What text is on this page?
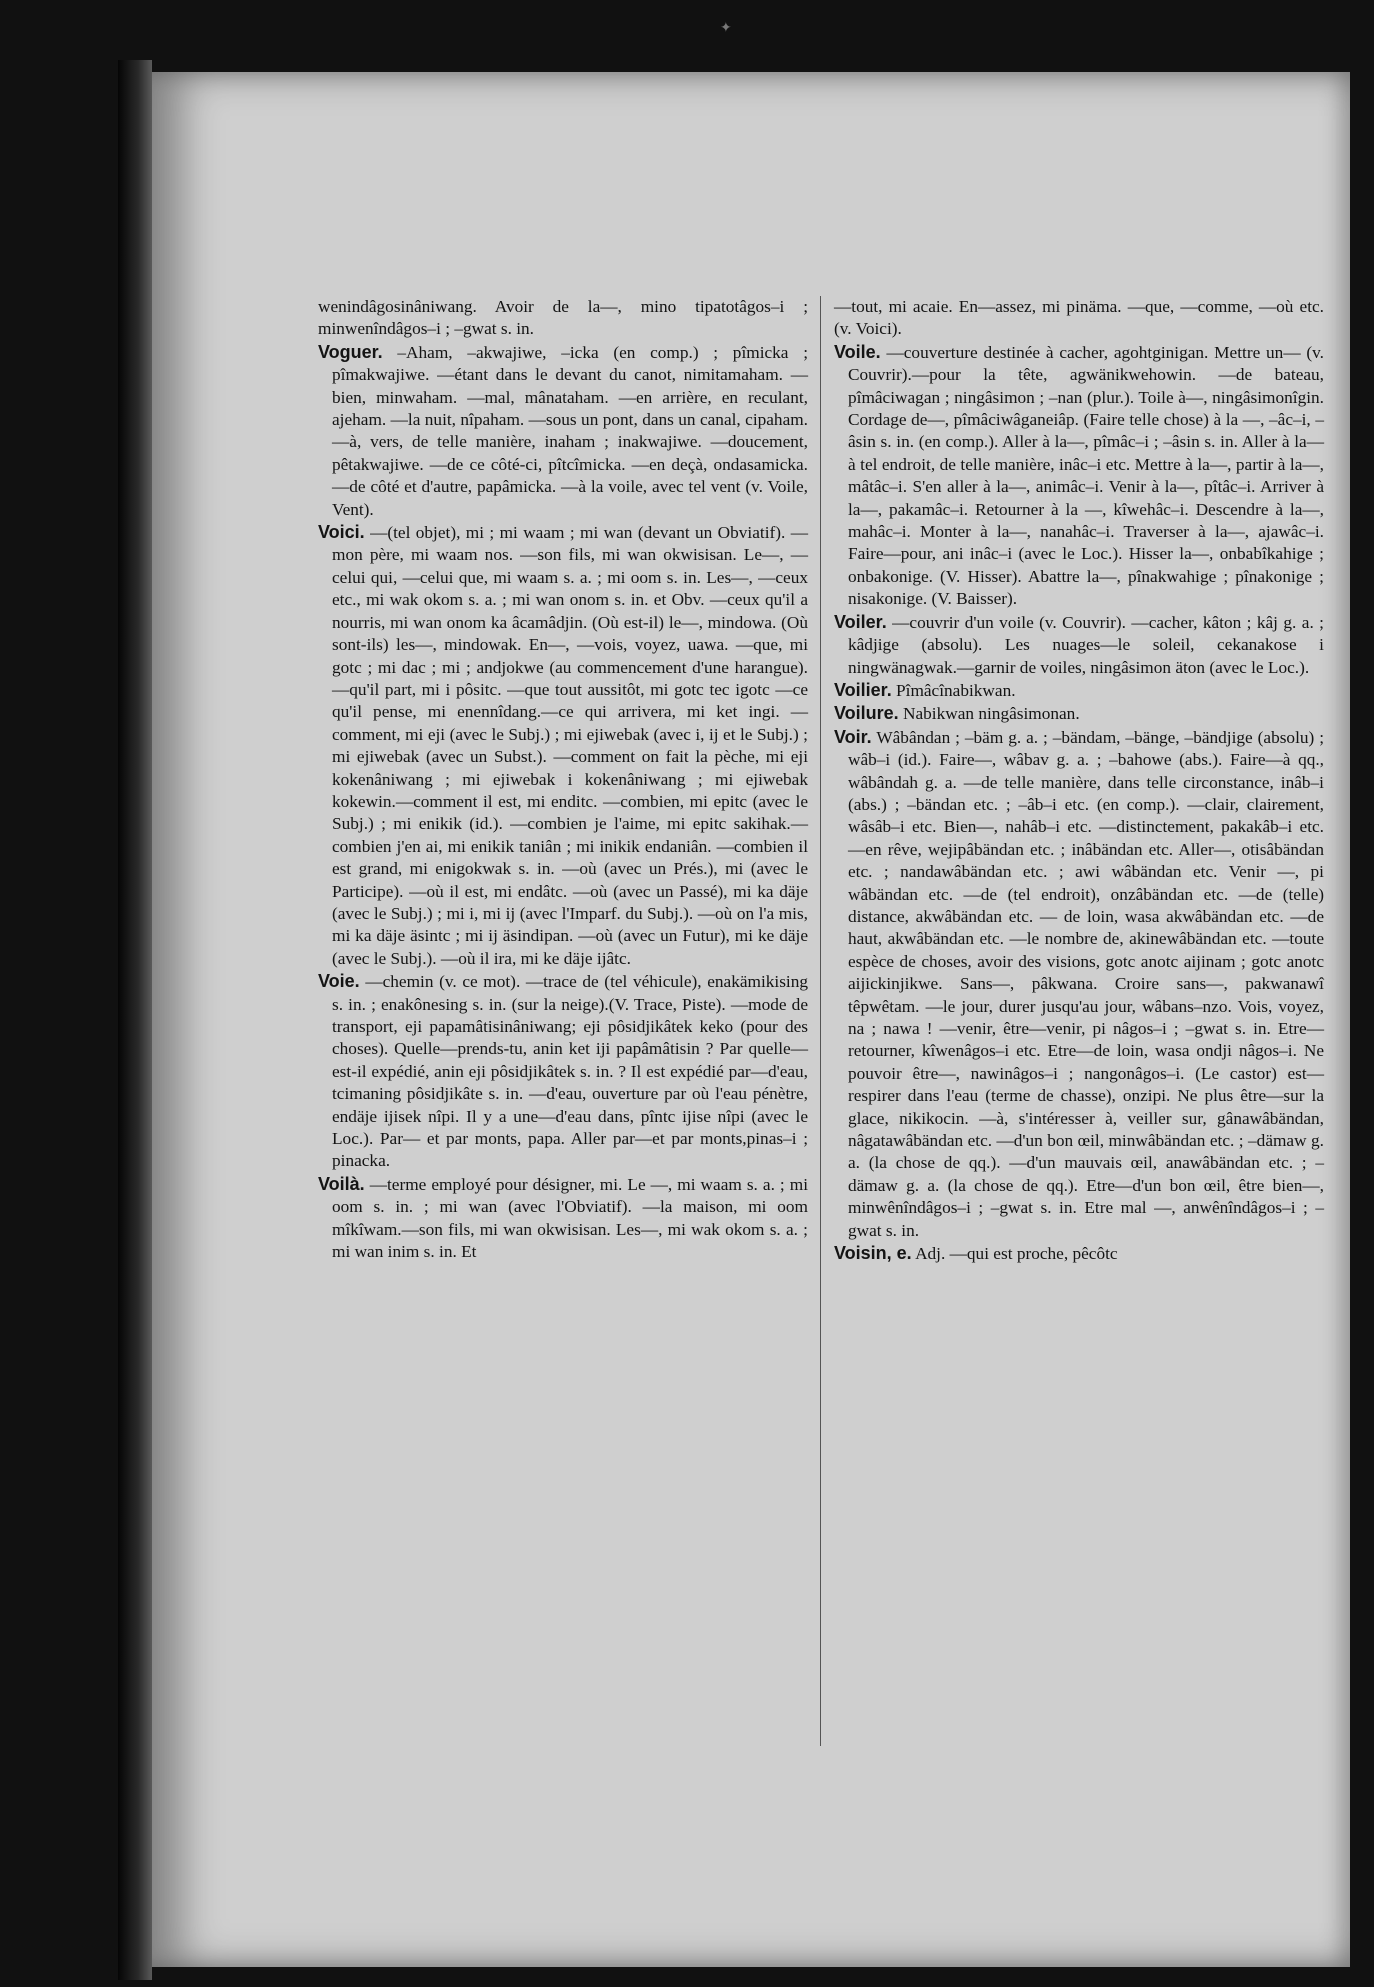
✦

wenindâgosinâniwang. Avoir de la—, mino tipatotâgos–i ; minwenîndâgos–i ; –gwat s. in.

Voguer. –Aham, –akwajiwe, –icka (en comp.) ; pîmicka ; pîmakwajiwe. —étant dans le devant du canot, nimitamaham. —bien, minwaham. —mal, mânataham. —en arrière, en reculant, ajeham. —la nuit, nîpaham. —sous un pont, dans un canal, cipaham. —à, vers, de telle manière, inaham ; inakwajiwe. —doucement, pêtakwajiwe. —de ce côté-ci, pîtcîmicka. —en deçà, ondasamicka. —de côté et d'autre, papâmicka. —à la voile, avec tel vent (v. Voile, Vent).

Voici. —(tel objet), mi ; mi waam ; mi wan (devant un Obviatif). —mon père, mi waam nos. —son fils, mi wan okwisisan. Le—, —celui qui, —celui que, mi waam s. a. ; mi oom s. in. Les—, —ceux etc., mi wak okom s. a. ; mi wan onom s. in. et Obv. —ceux qu'il a nourris, mi wan onom ka âcamâdjin. (Où est-il) le—, mindowa. (Où sont-ils) les—, mindowak. En—, —vois, voyez, uawa. —que, mi gotc ; mi dac ; mi ; andjokwe (au commencement d'une harangue).—qu'il part, mi i pôsitc. —que tout aussitôt, mi gotc tec igotc —ce qu'il pense, mi enennîdang.—ce qui arrivera, mi ket ingi. —comment, mi eji (avec le Subj.) ; mi ejiwebak (avec i, ij et le Subj.) ; mi ejiwebak (avec un Subst.). —comment on fait la pèche, mi eji kokenâniwang ; mi ejiwebak i kokenâniwang ; mi ejiwebak kokewin.—comment il est, mi enditc. —combien, mi epitc (avec le Subj.) ; mi enikik (id.). —combien je l'aime, mi epitc sakihak.—combien j'en ai, mi enikik taniân ; mi inikik endaniân. —combien il est grand, mi enigokwak s. in. —où (avec un Prés.), mi (avec le Participe). —où il est, mi endâtc. —où (avec un Passé), mi ka däje (avec le Subj.) ; mi i, mi ij (avec l'Imparf. du Subj.). —où on l'a mis, mi ka däje äsintc ; mi ij äsindipan. —où (avec un Futur), mi ke däje (avec le Subj.). —où il ira, mi ke däje ijâtc.

Voie. —chemin (v. ce mot). —trace de (tel véhicule), enakämikising s. in. ; enakônesing s. in. (sur la neige).(V. Trace, Piste). —mode de transport, eji papamâtisinâniwang; eji pôsidjikâtek keko (pour des choses). Quelle—prends-tu, anin ket iji papâmâtisin ? Par quelle—est-il expédié, anin eji pôsidjikâtek s. in. ? Il est expédié par—d'eau, tcimaning pôsidjikâte s. in. —d'eau, ouverture par où l'eau pénètre, endäje ijisek nîpi. Il y a une—d'eau dans, pîntc ijise nîpi (avec le Loc.). Par— et par monts, papa. Aller par—et par monts,pinas–i ; pinacka.

Voilà. —terme employé pour désigner, mi. Le —, mi waam s. a. ; mi oom s. in. ; mi wan (avec l'Obviatif). —la maison, mi oom mîkîwam.—son fils, mi wan okwisisan. Les—, mi wak okom s. a. ; mi wan inim s. in. Et

—tout, mi acaie. En—assez, mi pinäma. —que, —comme, —où etc. (v. Voici).

Voile. —couverture destinée à cacher, agohtginigan. Mettre un— (v. Couvrir).—pour la tête, agwänikwehowin. —de bateau, pîmâciwagan ; ningâsimon ; –nan (plur.). Toile à—, ningâsimonîgin. Cordage de—, pîmâciwâganeiâp. (Faire telle chose) à la —, –âc–i, –âsin s. in. (en comp.). Aller à la—, pîmâc–i ; –âsin s. in. Aller à la—à tel endroit, de telle manière, inâc–i etc. Mettre à la—, partir à la—, mâtâc–i. S'en aller à la—, animâc–i. Venir à la—, pîtâc–i. Arriver à la—, pakamâc–i. Retourner à la —, kîwehâc–i. Descendre à la—, mahâc–i. Monter à la—, nanahâc–i. Traverser à la—, ajawâc–i. Faire—pour, ani inâc–i (avec le Loc.). Hisser la—, onbabîkahige ; onbakonige. (V. Hisser). Abattre la—, pînakwahige ; pînakonige ; nisakonige. (V. Baisser).

Voiler. —couvrir d'un voile (v. Couvrir). —cacher, kâton ; kâj g. a. ; kâdjige (absolu). Les nuages—le soleil, cekanakose i ningwänagwak.—garnir de voiles, ningâsimon äton (avec le Loc.).

Voilier. Pîmâcînabikwan.

Voilure. Nabikwan ningâsimonan.

Voir. Wâbândan ; –bäm g. a. ; –bändam, –bänge, –bändjige (absolu) ; wâb–i (id.). Faire—, wâbav g. a. ; –bahowe (abs.). Faire—à qq., wâbândah g. a. —de telle manière, dans telle circonstance, inâb–i (abs.) ; –bändan etc. ; –âb–i etc. (en comp.). —clair, clairement, wâsâb–i etc. Bien—, nahâb–i etc. —distinctement, pakakâb–i etc. —en rêve, wejipâbändan etc. ; inâbändan etc. Aller—, otisâbändan etc. ; nandawâbändan etc. ; awi wâbändan etc. Venir —, pi wâbändan etc. —de (tel endroit), onzâbändan etc. —de (telle) distance, akwâbändan etc. — de loin, wasa akwâbändan etc. —de haut, akwâbändan etc. —le nombre de, akinewâbändan etc. —toute espèce de choses, avoir des visions, gotc anotc aijinam ; gotc anotc aijickinjikwe. Sans—, pâkwana. Croire sans—, pakwanawî têpwêtam. —le jour, durer jusqu'au jour, wâbans–nzo. Vois, voyez, na ; nawa ! —venir, être—venir, pi nâgos–i ; –gwat s. in. Etre—retourner, kîwenâgos–i etc. Etre—de loin, wasa ondji nâgos–i. Ne pouvoir être—, nawinâgos–i ; nangonâgos–i. (Le castor) est—respirer dans l'eau (terme de chasse), onzipi. Ne plus être—sur la glace, nikikocin. —à, s'intéresser à, veiller sur, gânawâbändan, nâgatawâbändan etc. —d'un bon œil, minwâbändan etc. ; –dämaw g. a. (la chose de qq.). —d'un mauvais œil, anawâbändan etc. ; –dämaw g. a. (la chose de qq.). Etre—d'un bon œil, être bien—, minwênîndâgos–i ; –gwat s. in. Etre mal —, anwênîndâgos–i ; –gwat s. in.

Voisin, e. Adj. —qui est proche, pêcôtc
